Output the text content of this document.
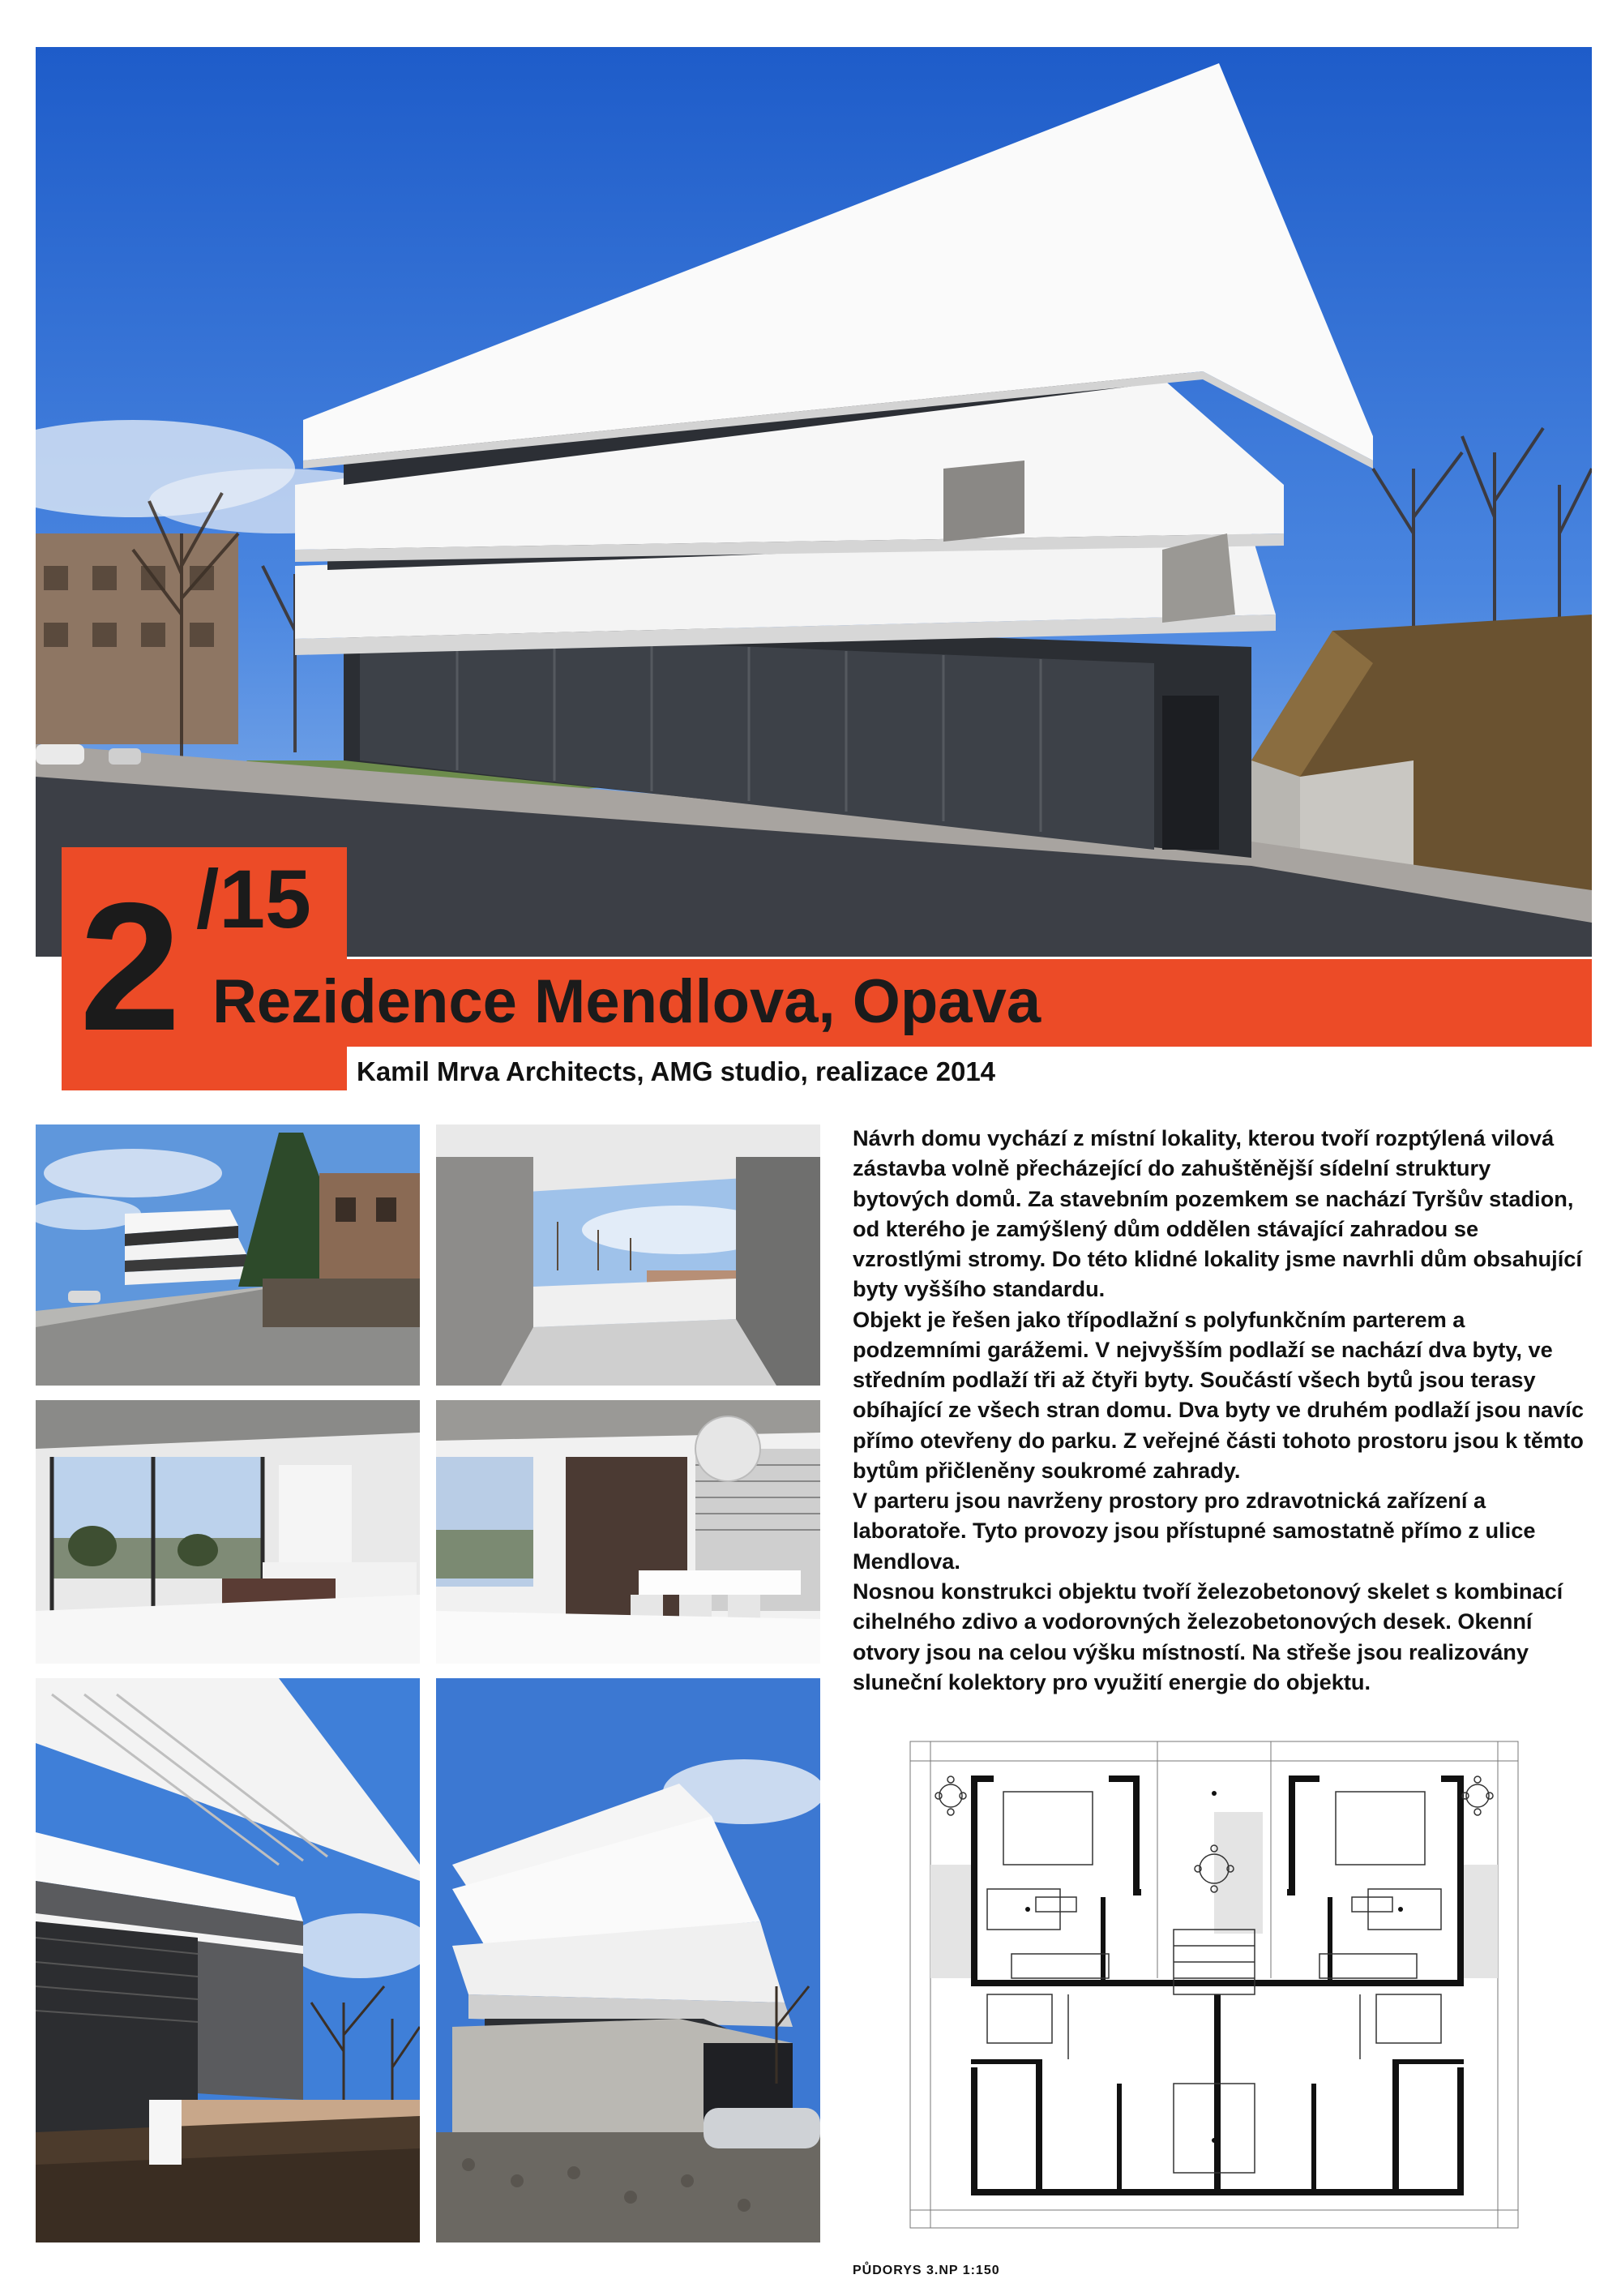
2 /15
Rezidence Mendlova, Opava
Kamil Mrva Architects, AMG studio, realizace 2014

Návrh domu vychází z místní lokality, kterou tvoří rozptýlená vilová zástavba volně přecházející do zahuštěnější sídelní struktury bytových domů. Za stavebním pozemkem se nachází Tyršův stadion, od kterého je zamýšlený dům oddělen stávající zahradou se vzrostlými stromy. Do této klidné lokality jsme navrhli dům obsahující byty vyššího standardu.

Objekt je řešen jako třípodlažní s polyfunkčním parterem a podzemními garážemi. V nejvyšším podlaží se nachází dva byty, ve středním podlaží tři až čtyři byty. Součástí všech bytů jsou terasy obíhající ze všech stran domu. Dva byty ve druhém podlaží jsou navíc přímo otevřeny do parku. Z veřejné části tohoto prostoru jsou k těmto bytům přičleněny soukromé zahrady.

V parteru jsou navrženy prostory pro zdravotnická zařízení a laboratoře. Tyto provozy jsou přístupné samostatně přímo z ulice Mendlova.

Nosnou konstrukci objektu tvoří železobetonový skelet s kombinací cihelného zdivo a vodorovných železobetonových desek. Okenní otvory jsou na celou výšku místností. Na střeše jsou realizovány sluneční kolektory pro využití energie do objektu.

PŮDORYS 3.NP 1:150
